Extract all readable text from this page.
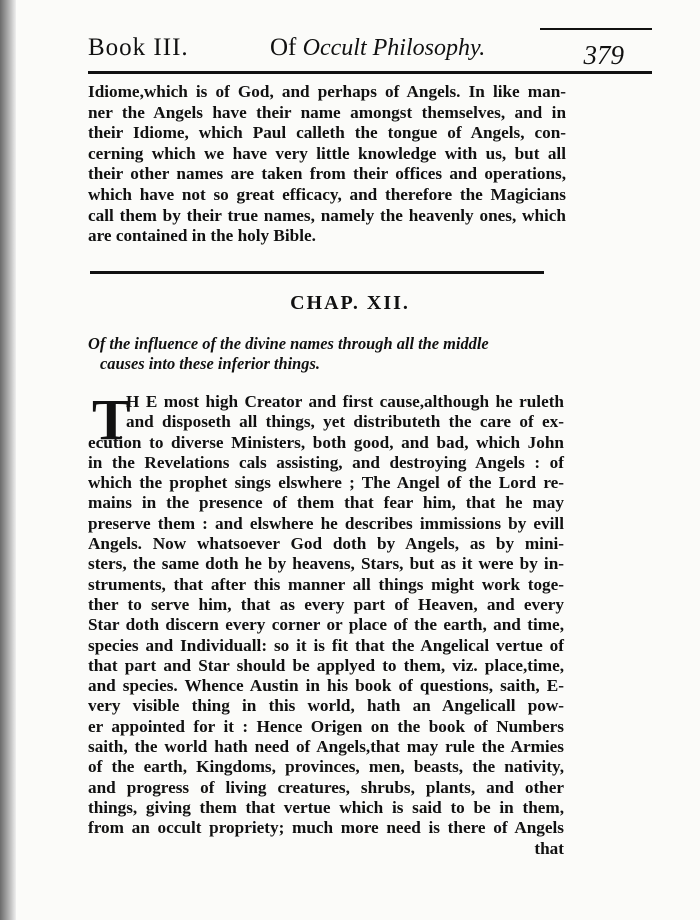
Book III.	Of Occult Philosophy.	379
Idiome,which is of God, and perhaps of Angels. In like man-
ner the Angels have their name amongst themselves, and in
their Idiome, which Paul calleth the tongue of Angels, con-
cerning which we have very little knowledge with us, but all
their other names are taken from their offices and operations,
which have not so great efficacy, and therefore the Magicians
call them by their true names, namely the heavenly ones, which
are contained in the holy Bible.
CHAP. XII.
Of the influence of the divine names through all the middle
causes into these inferior things.
T
H E most high Creator and first cause,although he ruleth
and disposeth all things, yet distributeth the care of ex-
ecution to diverse Ministers, both good, and bad, which John
in the Revelations cals assisting, and destroying Angels : of
which the prophet sings elswhere ; The Angel of the Lord re-
mains in the presence of them that fear him, that he may
preserve them : and elswhere he describes immissions by evill
Angels. Now whatsoever God doth by Angels, as by mini-
sters, the same doth he by heavens, Stars, but as it were by in-
struments, that after this manner all things might work toge-
ther to serve him, that as every part of Heaven, and every
Star doth discern every corner or place of the earth, and time,
species and Individuall: so it is fit that the Angelical vertue of
that part and Star should be applyed to them, viz. place,time,
and species. Whence Austin in his book of questions, saith, E-
very visible thing in this world, hath an Angelicall pow-
er appointed for it : Hence Origen on the book of Numbers
saith, the world hath need of Angels,that may rule the Armies
of the earth, Kingdoms, provinces, men, beasts, the nativity,
and progress of living creatures, shrubs, plants, and other
things, giving them that vertue which is said to be in them,
from an occult propriety; much more need is there of Angels
that
